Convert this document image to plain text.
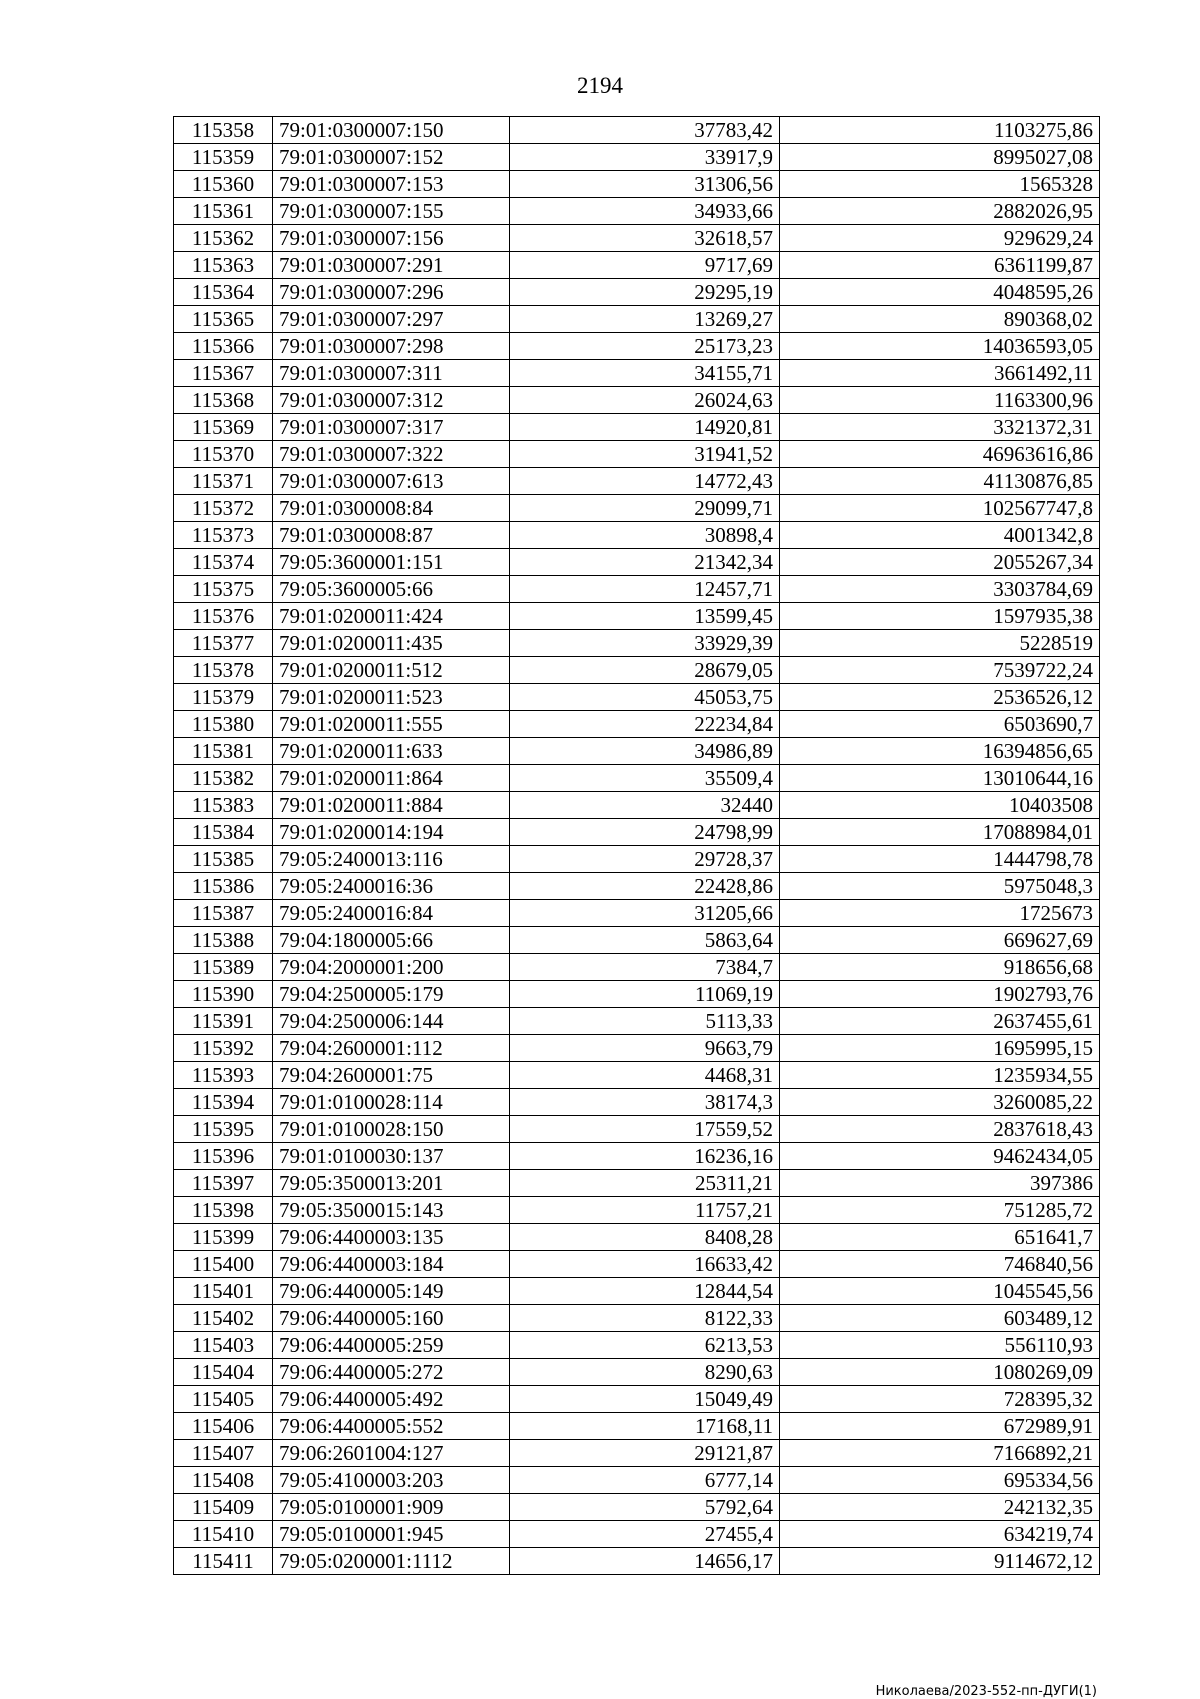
2194
115358	79:01:0300007:150	37783,42	1103275,86
115359	79:01:0300007:152	33917,9	8995027,08
115360	79:01:0300007:153	31306,56	1565328
115361	79:01:0300007:155	34933,66	2882026,95
115362	79:01:0300007:156	32618,57	929629,24
115363	79:01:0300007:291	9717,69	6361199,87
115364	79:01:0300007:296	29295,19	4048595,26
115365	79:01:0300007:297	13269,27	890368,02
115366	79:01:0300007:298	25173,23	14036593,05
115367	79:01:0300007:311	34155,71	3661492,11
115368	79:01:0300007:312	26024,63	1163300,96
115369	79:01:0300007:317	14920,81	3321372,31
115370	79:01:0300007:322	31941,52	46963616,86
115371	79:01:0300007:613	14772,43	41130876,85
115372	79:01:0300008:84	29099,71	102567747,8
115373	79:01:0300008:87	30898,4	4001342,8
115374	79:05:3600001:151	21342,34	2055267,34
115375	79:05:3600005:66	12457,71	3303784,69
115376	79:01:0200011:424	13599,45	1597935,38
115377	79:01:0200011:435	33929,39	5228519
115378	79:01:0200011:512	28679,05	7539722,24
115379	79:01:0200011:523	45053,75	2536526,12
115380	79:01:0200011:555	22234,84	6503690,7
115381	79:01:0200011:633	34986,89	16394856,65
115382	79:01:0200011:864	35509,4	13010644,16
115383	79:01:0200011:884	32440	10403508
115384	79:01:0200014:194	24798,99	17088984,01
115385	79:05:2400013:116	29728,37	1444798,78
115386	79:05:2400016:36	22428,86	5975048,3
115387	79:05:2400016:84	31205,66	1725673
115388	79:04:1800005:66	5863,64	669627,69
115389	79:04:2000001:200	7384,7	918656,68
115390	79:04:2500005:179	11069,19	1902793,76
115391	79:04:2500006:144	5113,33	2637455,61
115392	79:04:2600001:112	9663,79	1695995,15
115393	79:04:2600001:75	4468,31	1235934,55
115394	79:01:0100028:114	38174,3	3260085,22
115395	79:01:0100028:150	17559,52	2837618,43
115396	79:01:0100030:137	16236,16	9462434,05
115397	79:05:3500013:201	25311,21	397386
115398	79:05:3500015:143	11757,21	751285,72
115399	79:06:4400003:135	8408,28	651641,7
115400	79:06:4400003:184	16633,42	746840,56
115401	79:06:4400005:149	12844,54	1045545,56
115402	79:06:4400005:160	8122,33	603489,12
115403	79:06:4400005:259	6213,53	556110,93
115404	79:06:4400005:272	8290,63	1080269,09
115405	79:06:4400005:492	15049,49	728395,32
115406	79:06:4400005:552	17168,11	672989,91
115407	79:06:2601004:127	29121,87	7166892,21
115408	79:05:4100003:203	6777,14	695334,56
115409	79:05:0100001:909	5792,64	242132,35
115410	79:05:0100001:945	27455,4	634219,74
115411	79:05:0200001:1112	14656,17	9114672,12
Николаева/2023-552-пп-ДУГИ(1)
